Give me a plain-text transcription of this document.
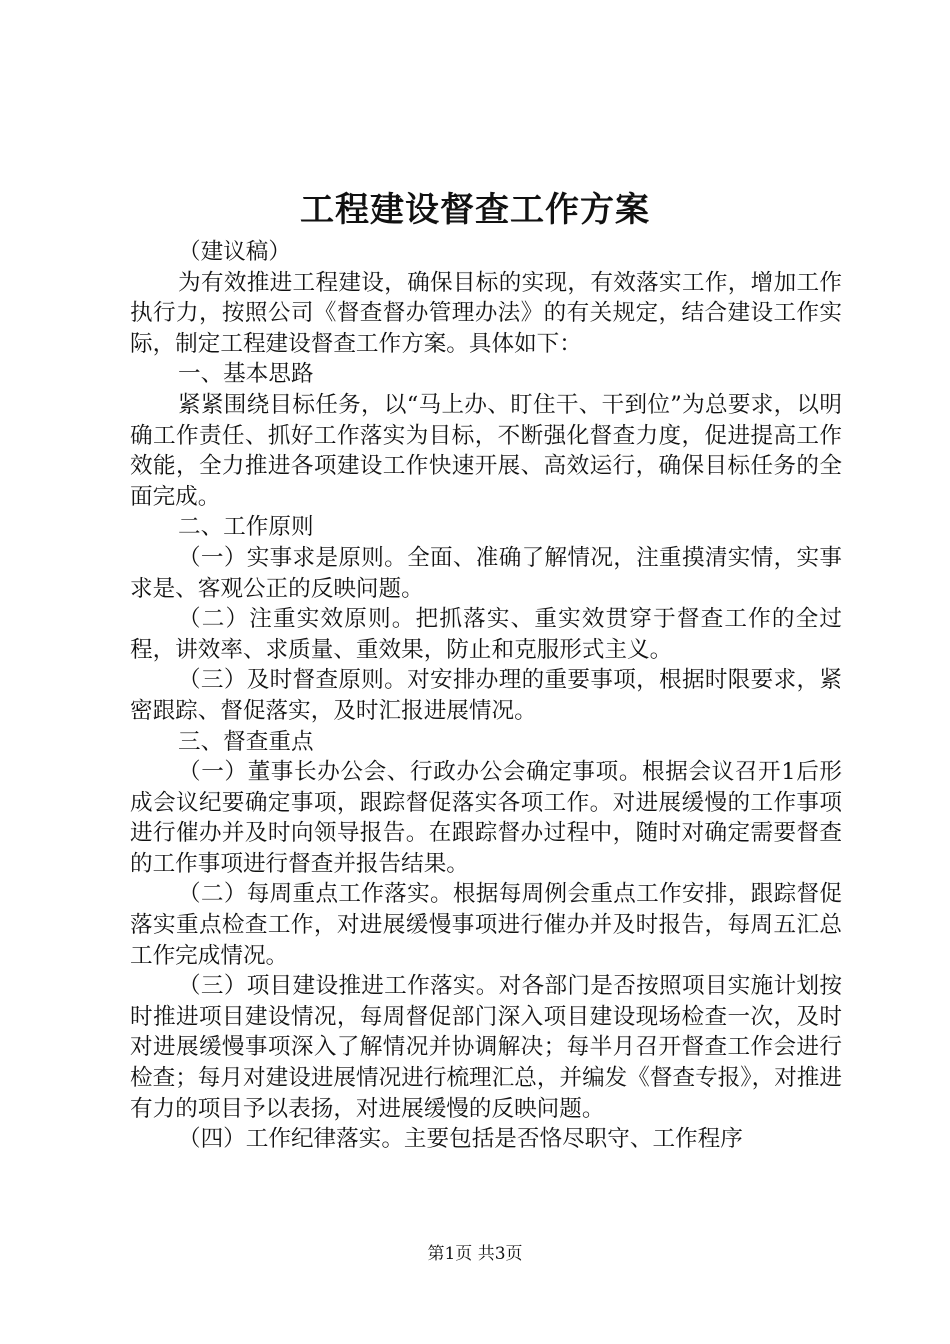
工程建设督查工作方案

（建议稿）

为有效推进工程建设，确保目标的实现，有效落实工作，增加工作执行力，按照公司《督查督办管理办法》的有关规定，结合建设工作实际，制定工程建设督查工作方案。具体如下：

一、基本思路

紧紧围绕目标任务，以“马上办、盯住干、干到位”为总要求，以明确工作责任、抓好工作落实为目标，不断强化督查力度，促进提高工作效能，全力推进各项建设工作快速开展、高效运行，确保目标任务的全面完成。

二、工作原则

（一）实事求是原则。全面、准确了解情况，注重摸清实情，实事求是、客观公正的反映问题。

（二）注重实效原则。把抓落实、重实效贯穿于督查工作的全过程，讲效率、求质量、重效果，防止和克服形式主义。

（三）及时督查原则。对安排办理的重要事项，根据时限要求，紧密跟踪、督促落实，及时汇报进展情况。

三、督查重点

（一）董事长办公会、行政办公会确定事项。根据会议召开1后形成会议纪要确定事项，跟踪督促落实各项工作。对进展缓慢的工作事项进行催办并及时向领导报告。在跟踪督办过程中，随时对确定需要督查的工作事项进行督查并报告结果。

（二）每周重点工作落实。根据每周例会重点工作安排，跟踪督促落实重点检查工作，对进展缓慢事项进行催办并及时报告，每周五汇总工作完成情况。

（三）项目建设推进工作落实。对各部门是否按照项目实施计划按时推进项目建设情况，每周督促部门深入项目建设现场检查一次，及时对进展缓慢事项深入了解情况并协调解决；每半月召开督查工作会进行检查；每月对建设进展情况进行梳理汇总，并编发《督查专报》，对推进有力的项目予以表扬，对进展缓慢的反映问题。

（四）工作纪律落实。主要包括是否恪尽职守、工作程序

第1页 共3页
